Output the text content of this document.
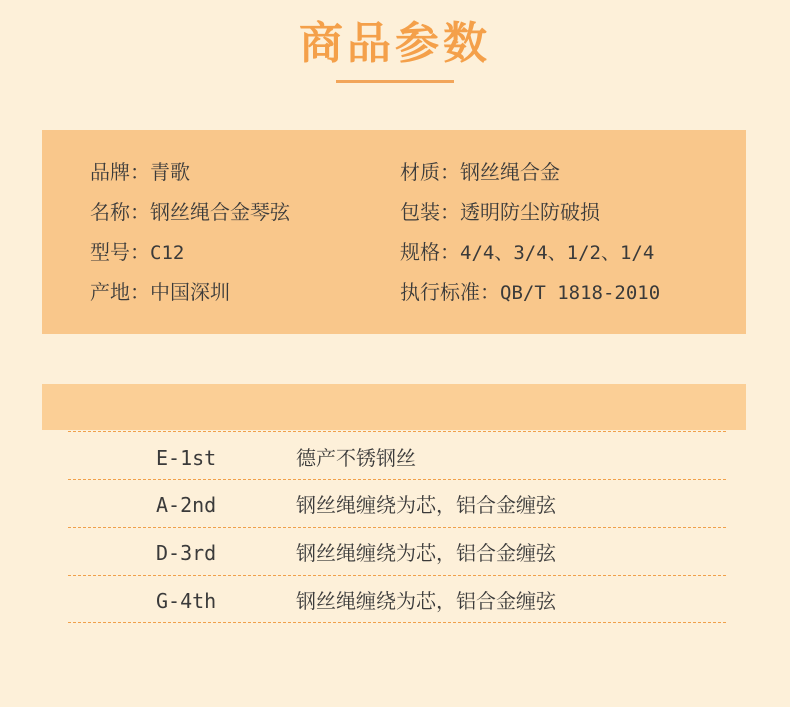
商品参数
品牌：青歌
名称：钢丝绳合金琴弦
型号：C12
产地：中国深圳
材质：钢丝绳合金
包装：透明防尘防破损
规格：4/4、3/4、1/2、1/4
执行标准：QB/T 1818-2010
E-1st	德产不锈钢丝
A-2nd	钢丝绳缠绕为芯，铝合金缠弦
D-3rd	钢丝绳缠绕为芯，铝合金缠弦
G-4th	钢丝绳缠绕为芯，铝合金缠弦
